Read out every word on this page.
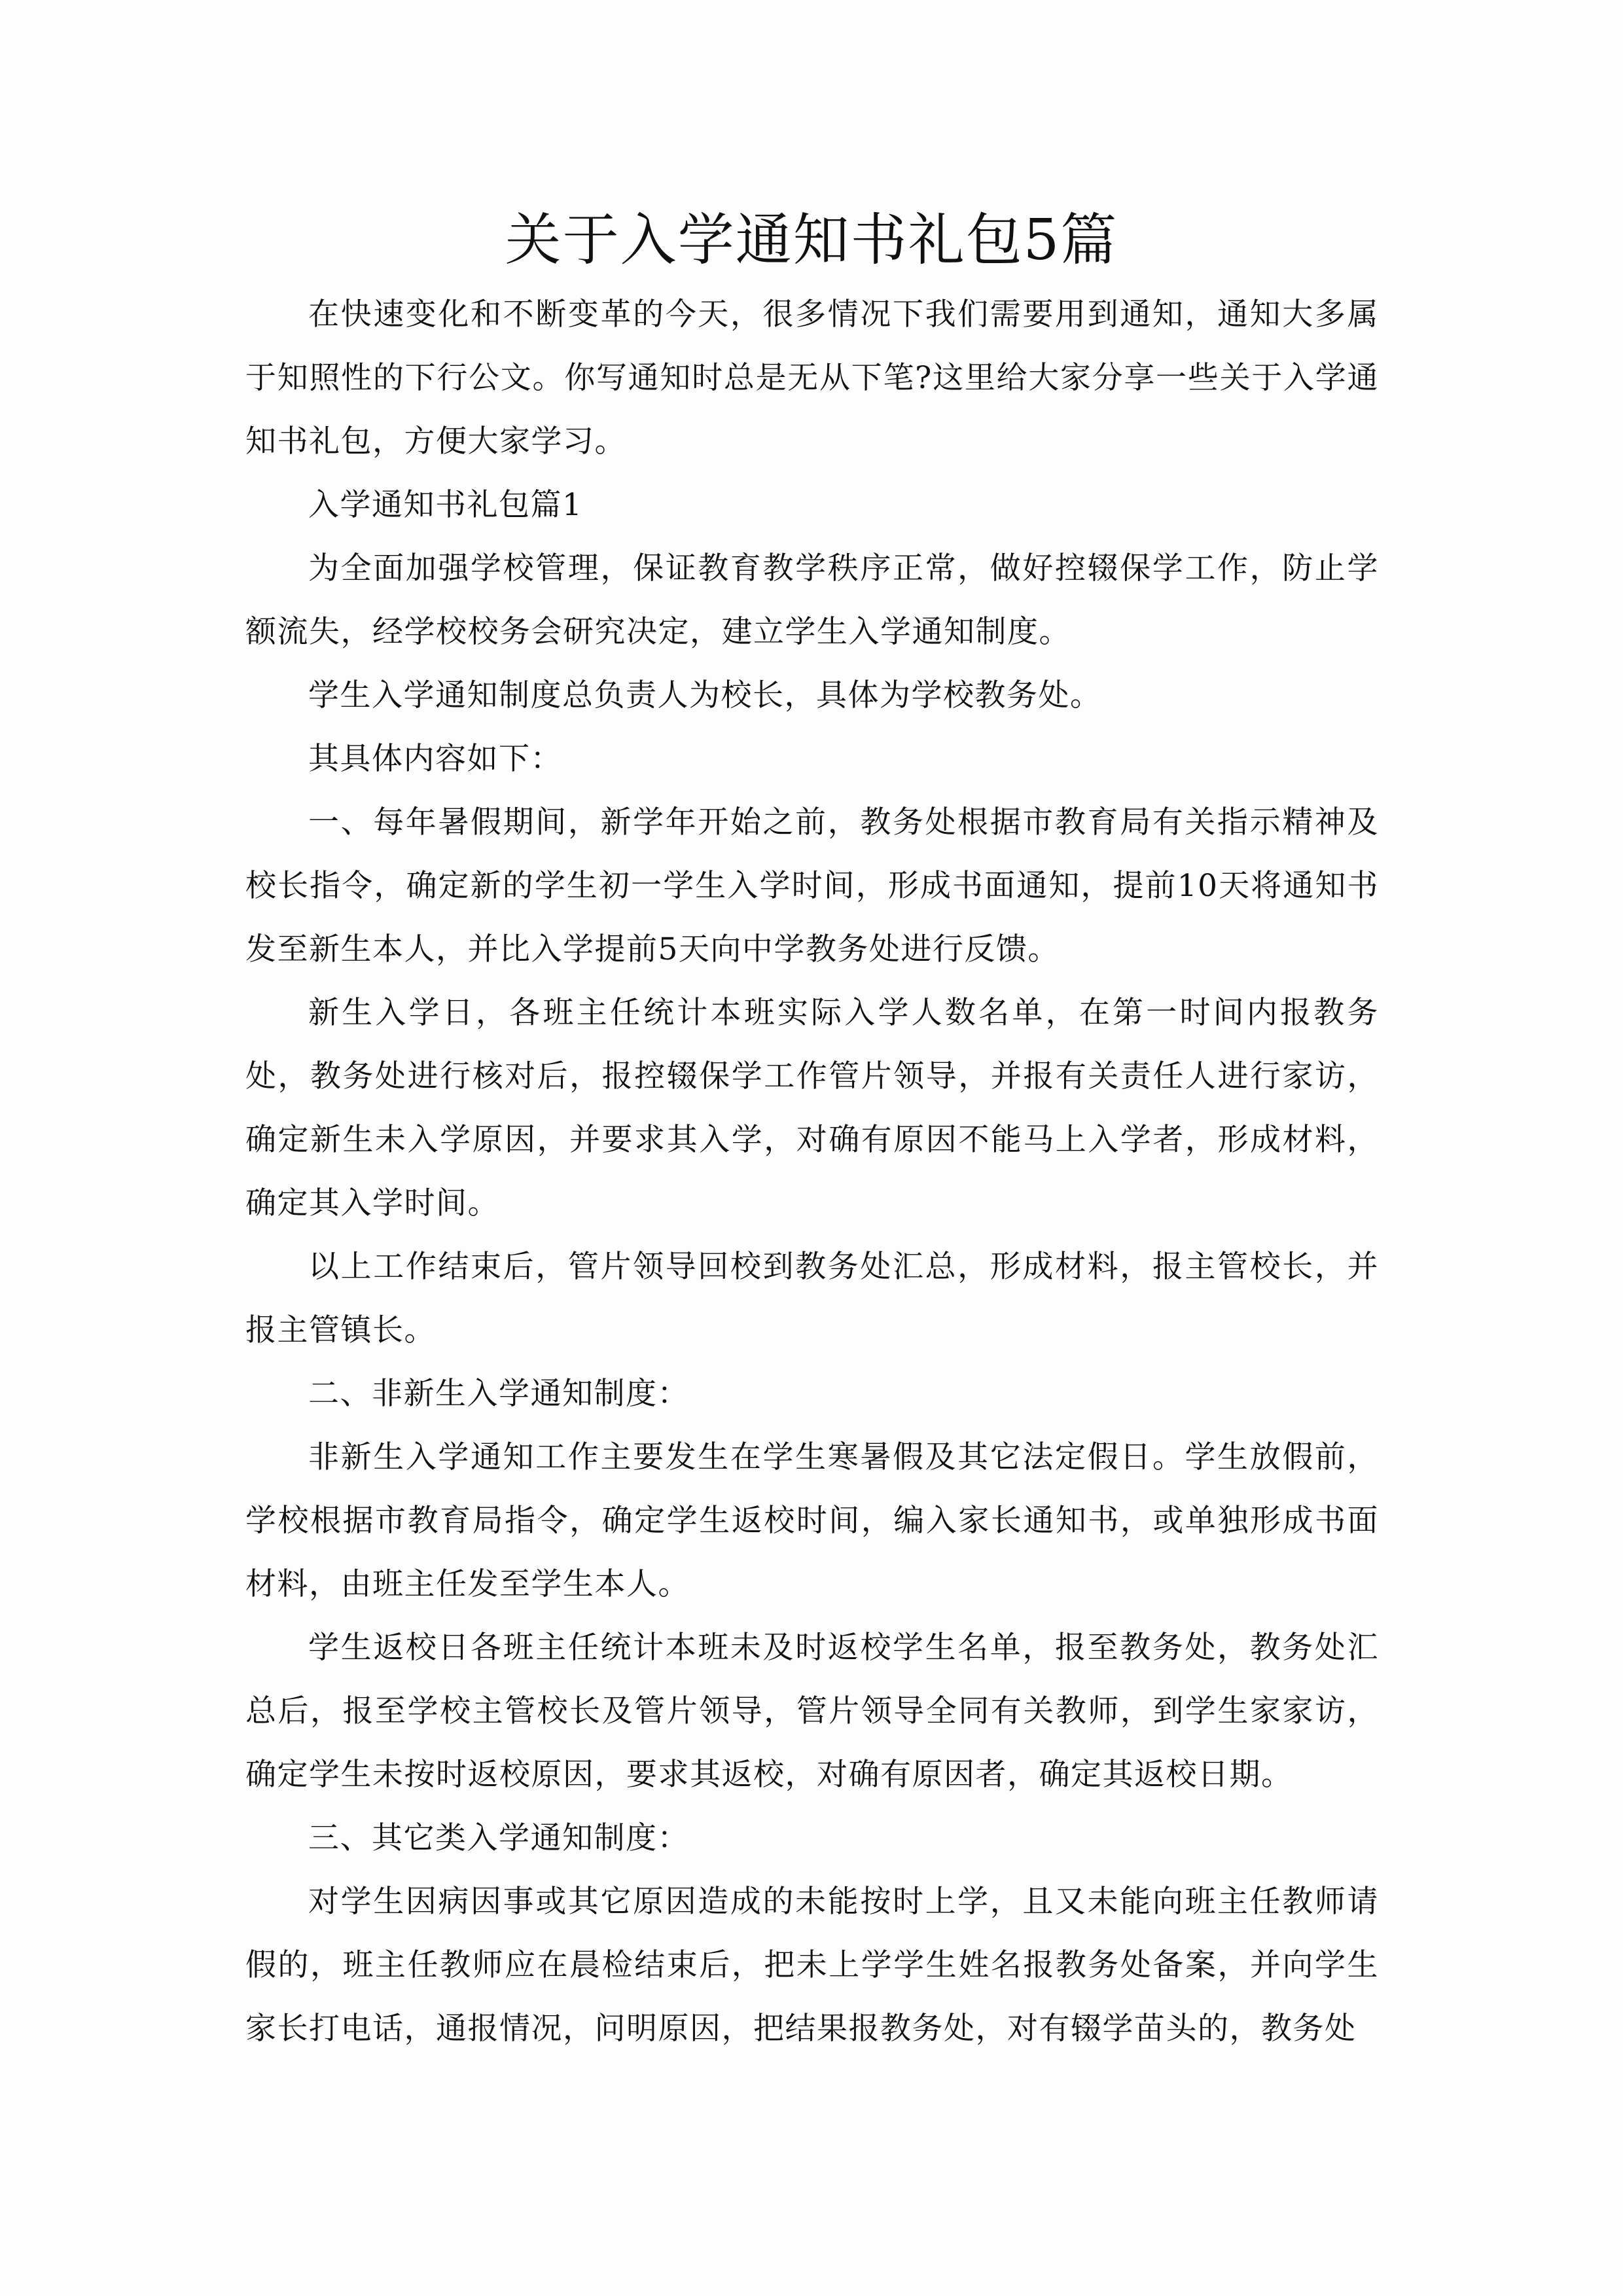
关于入学通知书礼包5篇

在快速变化和不断变革的今天，很多情况下我们需要用到通知，通知大多属于知照性的下行公文。你写通知时总是无从下笔?这里给大家分享一些关于入学通知书礼包，方便大家学习。

入学通知书礼包篇1

为全面加强学校管理，保证教育教学秩序正常，做好控辍保学工作，防止学额流失，经学校校务会研究决定，建立学生入学通知制度。

学生入学通知制度总负责人为校长，具体为学校教务处。

其具体内容如下：

一、每年暑假期间，新学年开始之前，教务处根据市教育局有关指示精神及校长指令，确定新的学生初一学生入学时间，形成书面通知，提前10天将通知书发至新生本人，并比入学提前5天向中学教务处进行反馈。

新生入学日，各班主任统计本班实际入学人数名单，在第一时间内报教务处，教务处进行核对后，报控辍保学工作管片领导，并报有关责任人进行家访，确定新生未入学原因，并要求其入学，对确有原因不能马上入学者，形成材料，确定其入学时间。

以上工作结束后，管片领导回校到教务处汇总，形成材料，报主管校长，并报主管镇长。

二、非新生入学通知制度：

非新生入学通知工作主要发生在学生寒暑假及其它法定假日。学生放假前，学校根据市教育局指令，确定学生返校时间，编入家长通知书，或单独形成书面材料，由班主任发至学生本人。

学生返校日各班主任统计本班未及时返校学生名单，报至教务处，教务处汇总后，报至学校主管校长及管片领导，管片领导全同有关教师，到学生家家访，确定学生未按时返校原因，要求其返校，对确有原因者，确定其返校日期。

三、其它类入学通知制度：

对学生因病因事或其它原因造成的未能按时上学，且又未能向班主任教师请假的，班主任教师应在晨检结束后，把未上学学生姓名报教务处备案，并向学生家长打电话，通报情况，问明原因，把结果报教务处，对有辍学苗头的，教务处
